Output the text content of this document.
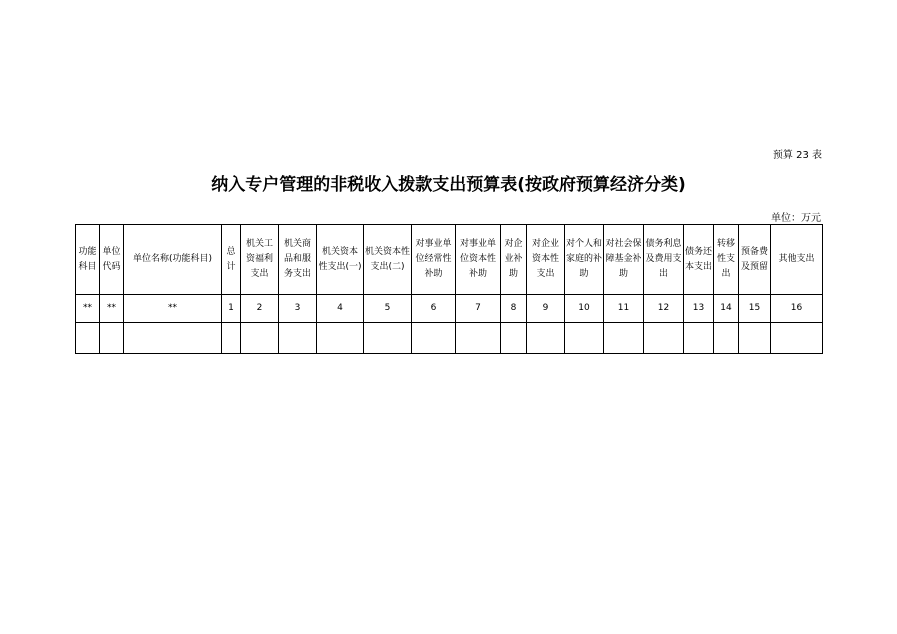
预算 23 表
纳入专户管理的非税收入拨款支出预算表(按政府预算经济分类)
单位：万元
功能科目	单位代码	单位名称(功能科目)	总计	机关工资福利支出	机关商品和服务支出	机关资本性支出(一)	机关资本性支出(二)	对事业单位经常性补助	对事业单位资本性补助	对企业补助	对企业资本性支出	对个人和家庭的补助	对社会保障基金补助	债务利息及费用支出	债务还本支出	转移性支出	预备费及预留	其他支出

**	**	**	1	2	3	4	5	6	7	8	9	10	11	12	13	14	15	16
